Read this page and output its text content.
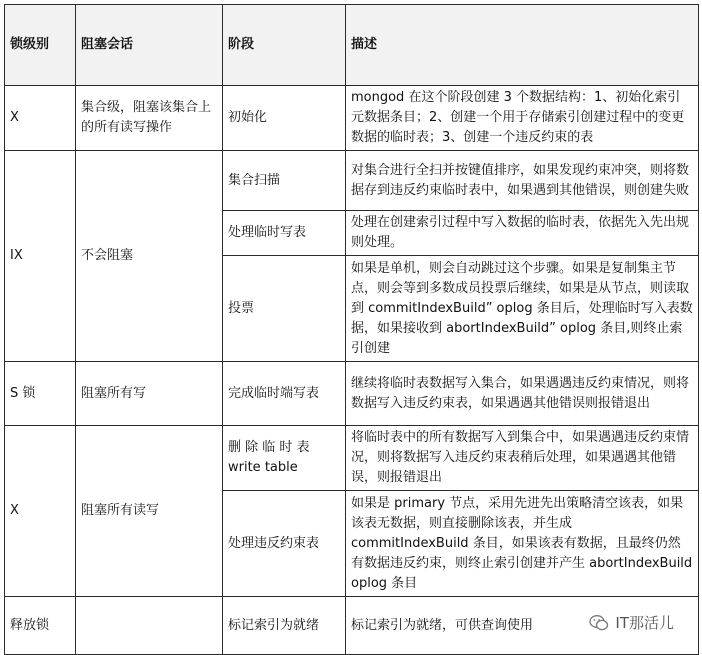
锁级别	阻塞会话	阶段	描述
X	集合级，阻塞该集合上的所有读写操作	初始化	mongod 在这个阶段创建 3 个数据结构：1、初始化索引元数据条目；2、创建一个用于存储索引创建过程中的变更数据的临时表；3、创建一个违反约束的表
IX	不会阻塞	集合扫描	对集合进行全扫并按键值排序，如果发现约束冲突，则将数据存到违反约束临时表中，如果遇到其他错误，则创建失败
		处理临时写表	处理在创建索引过程中写入数据的临时表，依据先入先出规则处理。
		投票	如果是单机，则会自动跳过这个步骤。如果是复制集主节点，则会等到多数成员投票后继续，如果是从节点，则读取到 commitIndexBuild” oplog 条目后，处理临时写入表数据，如果接收到 abortIndexBuild” oplog 条目,则终止索引创建
S 锁	阻塞所有写	完成临时端写表	继续将临时表数据写入集合，如果遇遇违反约束情况，则将数据写入违反约束表，如果遇遇其他错误则报错退出
X	阻塞所有读写	删 除 临 时 表 write table	将临时表中的所有数据写入到集合中，如果遇遇违反约束情况，则将数据写入违反约束表稍后处理，如果遇遇其他错误，则报错退出
		处理违反约束表	如果是 primary 节点，采用先进先出策略清空该表，如果该表无数据，则直接删除该表，并生成 commitIndexBuild 条目，如果该表有数据，且最终仍然有数据违反约束，则终止索引创建并产生 abortIndexBuild oplog 条目
释放锁		标记索引为就绪	标记索引为就绪，可供查询使用	IT那活儿
